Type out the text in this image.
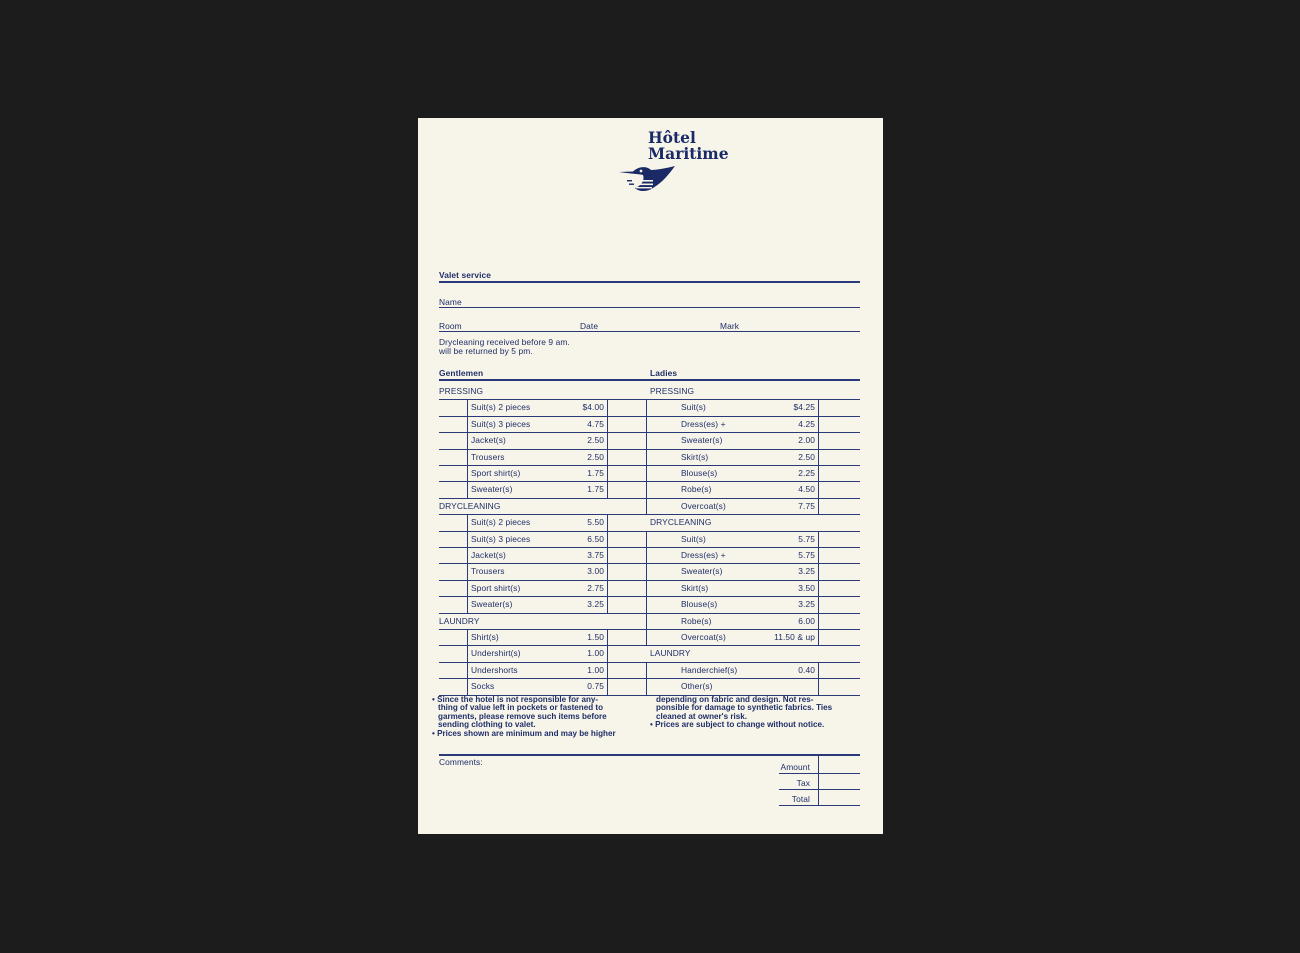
Hôtel
Maritime
Valet service
Name
Room	Date	Mark
Drycleaning received before 9 am.
will be returned by 5 pm.
Gentlemen	Ladies
PRESSING
Suit(s) 2 pieces	$4.00
Suit(s) 3 pieces	4.75
Jacket(s)	2.50
Trousers	2.50
Sport shirt(s)	1.75
Sweater(s)	1.75
DRYCLEANING
Suit(s) 2 pieces	5.50
Suit(s) 3 pieces	6.50
Jacket(s)	3.75
Trousers	3.00
Sport shirt(s)	2.75
Sweater(s)	3.25
LAUNDRY
Shirt(s)	1.50
Undershirt(s)	1.00
Undershorts	1.00
Socks	0.75
PRESSING
Suit(s)	$4.25
Dress(es) +	4.25
Sweater(s)	2.00
Skirt(s)	2.50
Blouse(s)	2.25
Robe(s)	4.50
Overcoat(s)	7.75
DRYCLEANING
Suit(s)	5.75
Dress(es) +	5.75
Sweater(s)	3.25
Skirt(s)	3.50
Blouse(s)	3.25
Robe(s)	6.00
Overcoat(s)	11.50 & up
LAUNDRY
Handerchief(s)	0.40
Other(s)
• Since the hotel is not responsible for any-
thing of value left in pockets or fastened to
garments, please remove such items before
sending clothing to valet.
• Prices shown are minimum and may be higher
depending on fabric and design. Not res-
ponsible for damage to synthetic fabrics. Ties
cleaned at owner's risk.
• Prices are subject to change without notice.
Comments:	Amount
Tax
Total
